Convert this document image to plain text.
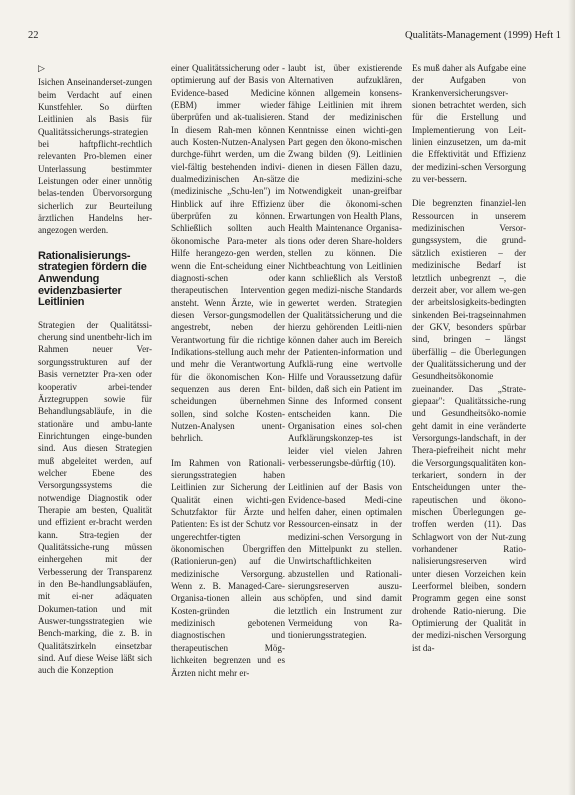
22	Qualitäts-Management (1999) Heft 1
▷

Isichen Anseinanderset-zungen beim Verdacht auf einen Kunstfehler. So dürften Leitlinien als Basis für Qualitätssicherungs-strategien bei haftpflicht-rechtlich relevanten Pro-blemen einer Unterlassung bestimmter Leistungen oder einer unnötig belas-tenden Übervorsorgung sicherlich zur Beurteilung ärztlichen Handelns her-angezogen werden.

Rationalisierungs-strategien fördern die Anwendung evidenzbasierter Leitlinien

Strategien der Qualitätssi-cherung sind unentbehr-lich im Rahmen neuer Ver-sorgungsstrukturen auf der Basis vernetzter Pra-xen oder kooperativ arbei-tender Ärztegruppen sowie für Behandlungsabläufe, in die stationäre und ambu-lante Einrichtungen einge-bunden sind. Aus diesen Strategien muß abgeleitet werden, auf welcher Ebene des Versorgungssystems die notwendige Diagnostik oder Therapie am besten, Qualität und effizient er-bracht werden kann. Stra-tegien der Qualitätssiche-rung müssen einhergehen mit der Verbesserung der Transparenz in den Be-handlungsabläufen, mit ei-ner adäquaten Dokumen-tation und mit Auswer-tungsstrategien wie Bench-marking, die z. B. in Qualitätszirkeln einsetzbar sind. Auf diese Weise läßt sich auch die Konzeption

einer Qualitätssicherung oder -optimierung auf der Basis von Evidence-based Medicine (EBM) immer wieder überprüfen und ak-tualisieren. In diesem Rah-men können auch Kosten-Nutzen-Analysen durchge-führt werden, um die viel-fältig bestehenden indivi-dualmedizinischen An-sätze (medizinische „Schu-len") im Hinblick auf ihre Effizienz überprüfen zu können. Schließlich sollten auch ökonomische Para-meter als Hilfe herangezo-gen werden, wenn die Ent-scheidung einer diagnosti-schen oder therapeutischen Intervention ansteht. Wenn Ärzte, wie in diesen Versor-gungsmodellen angestrebt, neben der Verantwortung für die richtige Indikations-stellung auch mehr und mehr die Verantwortung für die ökonomischen Kon-sequenzen aus deren Ent-scheidungen übernehmen sollen, sind solche Kosten-Nutzen-Analysen unent-behrlich.

Im Rahmen von Rationali-sierungsstrategien haben Leitlinien zur Sicherung der Qualität einen wichti-gen Schutzfaktor für Ärzte und Patienten: Es ist der Schutz vor ungerechtfer-tigten ökonomischen Übergriffen (Rationierun-gen) auf die medizinische Versorgung. Wenn z. B. Managed-Care-Organisa-tionen allein aus Kosten-gründen die medizinisch gebotenen diagnostischen und therapeutischen Mög-lichkeiten begrenzen und es Ärzten nicht mehr er-

laubt ist, über existierende Alternativen aufzuklären, können allgemein konsens-fähige Leitlinien mit ihrem Stand der medizinischen Kenntnisse einen wichti-gen Part gegen den ökono-mischen Zwang bilden (9). Leitlinien dienen in diesen Fällen dazu, die medizini-sche Notwendigkeit unan-greifbar über die ökonomi-schen Erwartungen von Health Plans, Health Maintenance Organisa-tions oder deren Share-holders stellen zu können. Die Nichtbeachtung von Leitlinien kann schließlich als Verstoß gegen medizi-nische Standards gewertet werden. Strategien der Qualitätssicherung und die hierzu gehörenden Leitli-nien können daher auch im Bereich der Patienten-information und Aufklä-rung eine wertvolle Hilfe und Voraussetzung dafür bilden, daß sich ein Patient im Sinne des Informed consent entscheiden kann. Die Organisation eines sol-chen Aufklärungskonzep-tes ist leider viel vielen Jahren verbesserungsbe-dürftig (10).

Leitlinien auf der Basis von Evidence-based Medi-cine helfen daher, einen optimalen Ressourcen-einsatz in der medizini-schen Versorgung in den Mittelpunkt zu stellen. Unwirtschaftlichkeiten abzustellen und Rationali-sierungsreserven auszu-schöpfen, und sind damit letztlich ein Instrument zur Vermeidung von Ra-tionierungsstrategien.

Es muß daher als Aufgabe eine der Aufgaben von Krankenversicherungsver-sionen betrachtet werden, sich für die Erstellung und Implementierung von Leit-linien einzusetzen, um da-mit die Effektivität und Effizienz der medizini-schen Versorgung zu ver-bessern.

Die begrenzten finanziel-len Ressourcen in unserem medizinischen Versor-gungssystem, die grund-sätzlich existieren – der medizinische Bedarf ist letztlich unbegrenzt –, die derzeit aber, vor allem we-gen der arbeitslosigkeits-bedingten sinkenden Bei-tragseinnahmen der GKV, besonders spürbar sind, bringen – längst überfällig – die Überlegungen der Qualitätssicherung und der Gesundheitsökonomie zueinander. Das „Strate-giepaar": Qualitätssiche-rung und Gesundheitsöko-nomie geht damit in eine veränderte Versorgungs-landschaft, in der Thera-piefreiheit nicht mehr die Versorgungsqualitäten kon-terkariert, sondern in der Entscheidungen unter the-rapeutischen und ökono-mischen Überlegungen ge-troffen werden (11). Das Schlagwort von der Nut-zung vorhandener Ratio-nalisierungsreserven wird unter diesen Vorzeichen kein Leerformel bleiben, sondern Programm gegen eine sonst drohende Ratio-nierung. Die Optimierung der Qualität in der medizi-nischen Versorgung ist da-
